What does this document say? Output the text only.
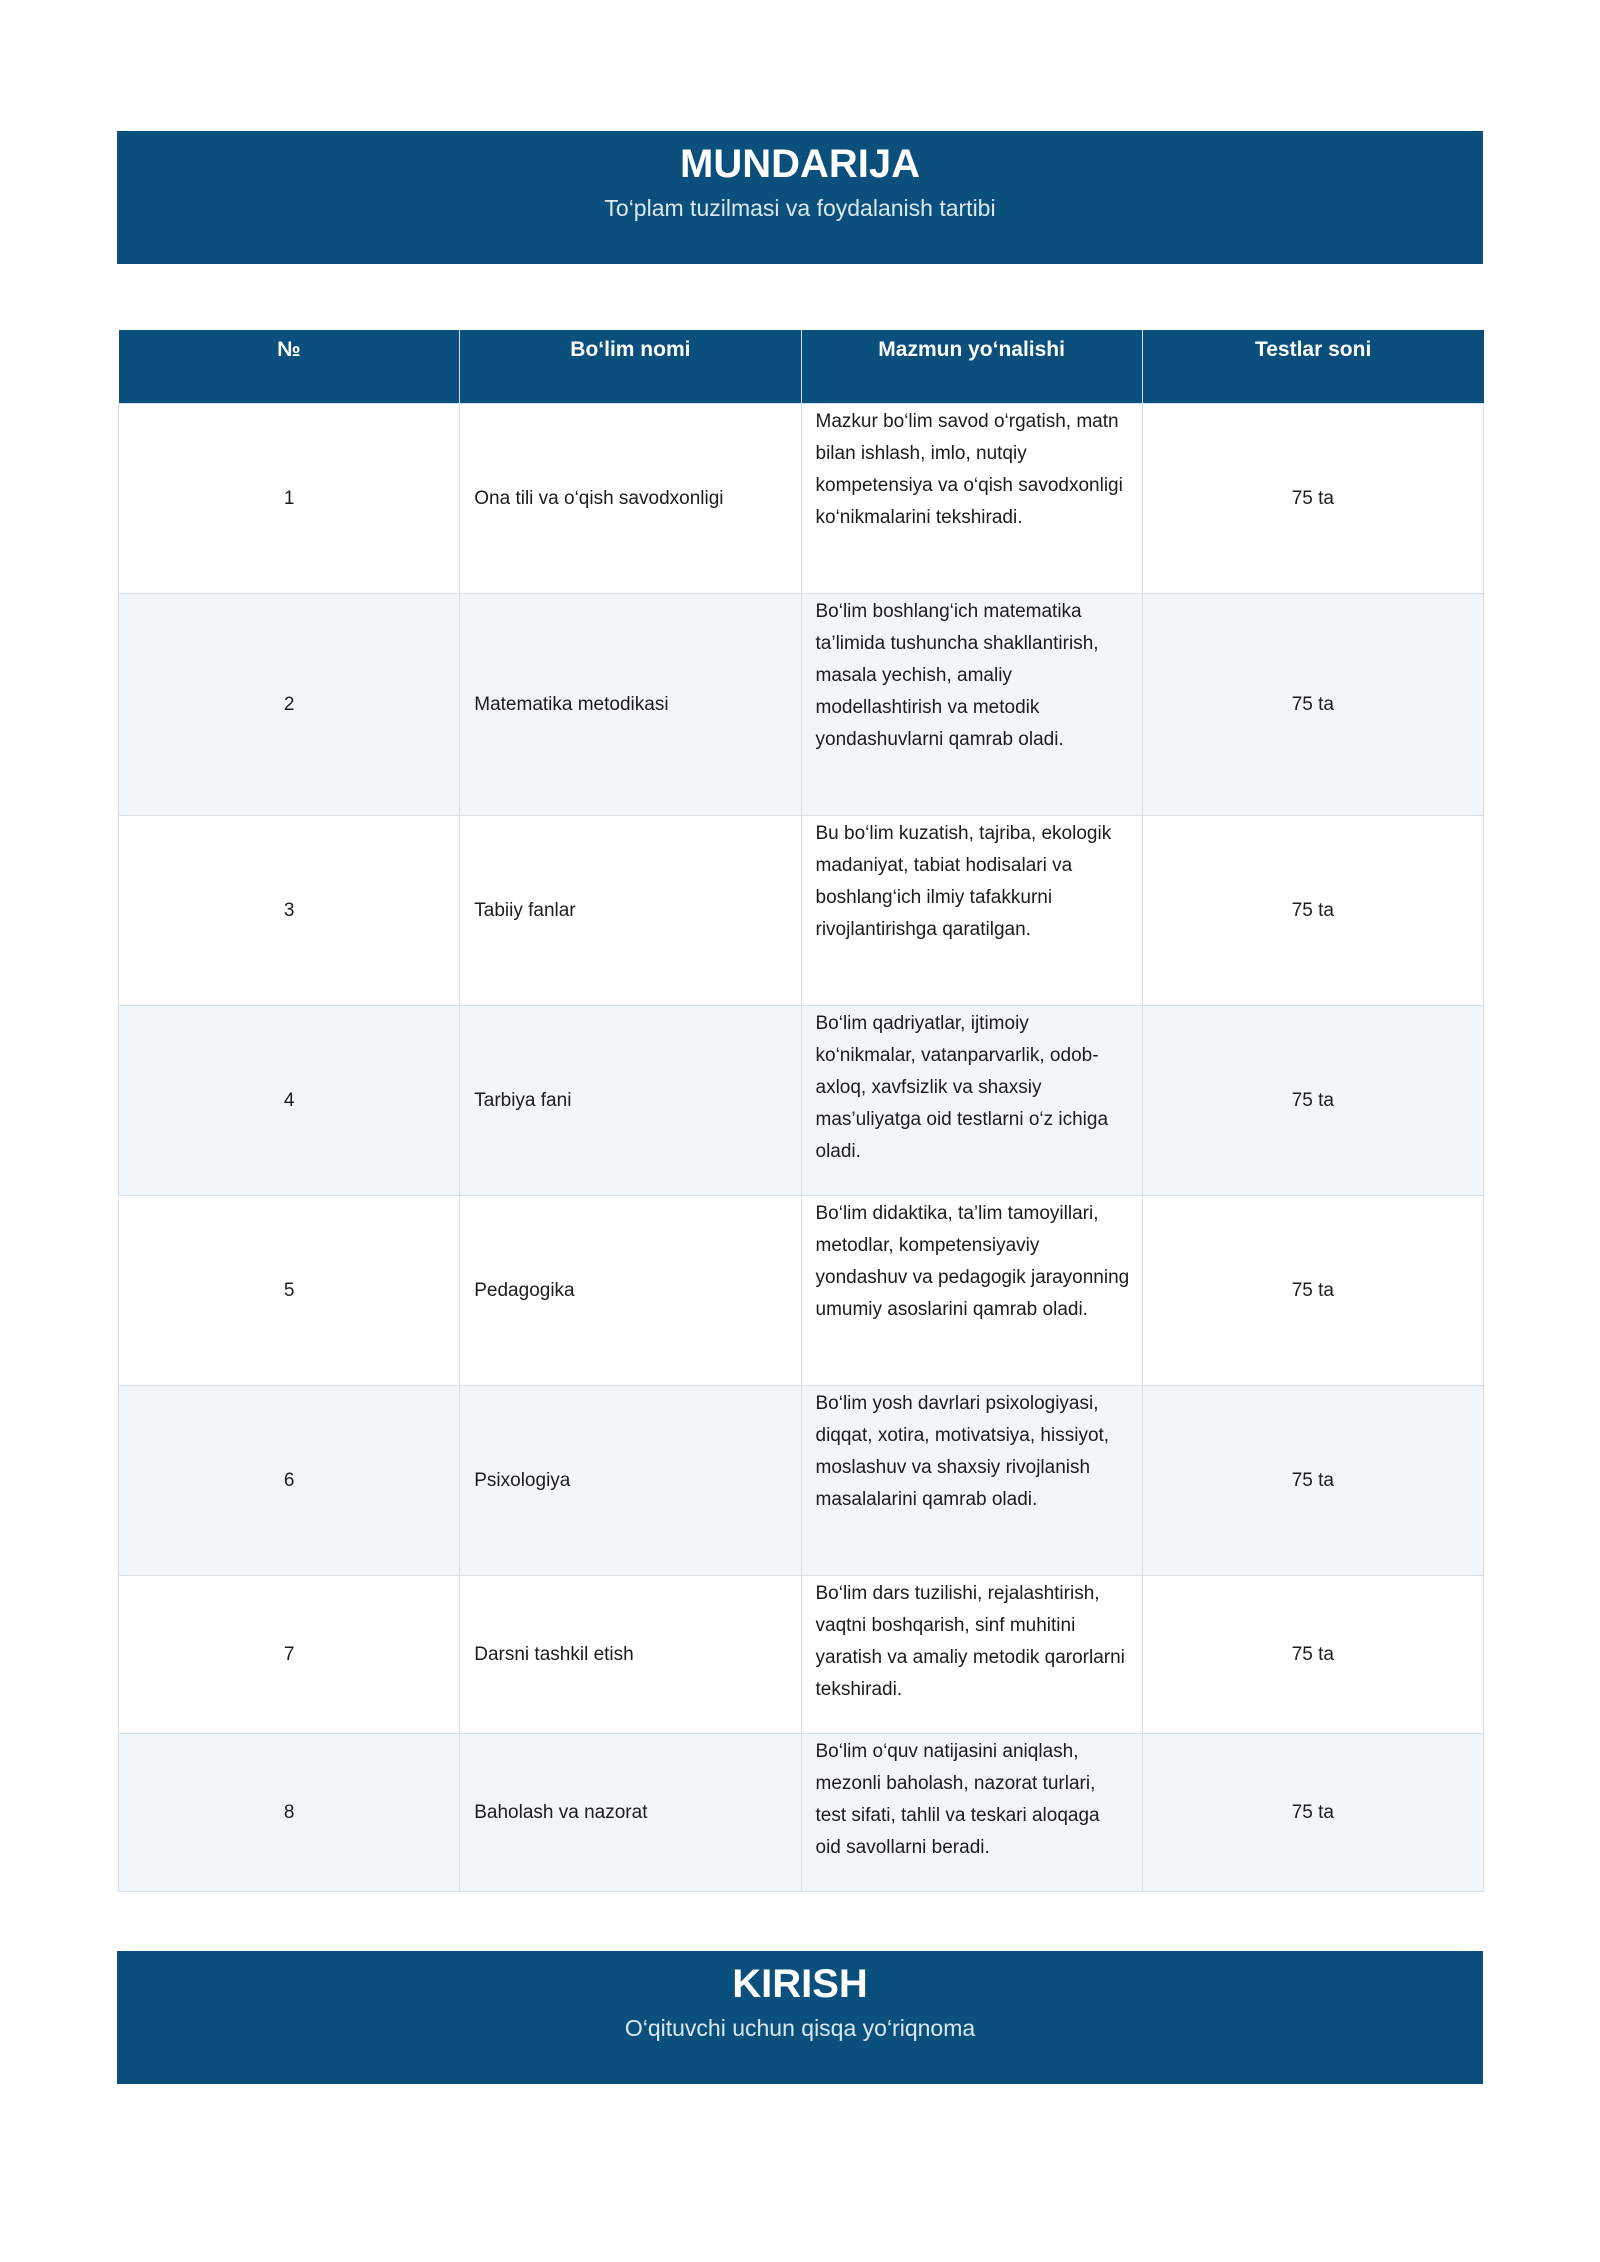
MUNDARIJA
To‘plam tuzilmasi va foydalanish tartibi
№	Bo‘lim nomi	Mazmun yo‘nalishi	Testlar soni
1	Ona tili va o‘qish savodxonligi	Mazkur bo‘lim savod o‘rgatish, matn bilan ishlash, imlo, nutqiy kompetensiya va o‘qish savodxonligi ko‘nikmalarini tekshiradi.	75 ta
2	Matematika metodikasi	Bo‘lim boshlang‘ich matematika ta’limida tushuncha shakllantirish, masala yechish, amaliy modellashtirish va metodik yondashuvlarni qamrab oladi.	75 ta
3	Tabiiy fanlar	Bu bo‘lim kuzatish, tajriba, ekologik madaniyat, tabiat hodisalari va boshlang‘ich ilmiy tafakkurni rivojlantirishga qaratilgan.	75 ta
4	Tarbiya fani	Bo‘lim qadriyatlar, ijtimoiy ko‘nikmalar, vatanparvarlik, odob-axloq, xavfsizlik va shaxsiy mas’uliyatga oid testlarni o‘z ichiga oladi.	75 ta
5	Pedagogika	Bo‘lim didaktika, ta’lim tamoyillari, metodlar, kompetensiyaviy yondashuv va pedagogik jarayonning umumiy asoslarini qamrab oladi.	75 ta
6	Psixologiya	Bo‘lim yosh davrlari psixologiyasi, diqqat, xotira, motivatsiya, hissiyot, moslashuv va shaxsiy rivojlanish masalalarini qamrab oladi.	75 ta
7	Darsni tashkil etish	Bo‘lim dars tuzilishi, rejalashtirish, vaqtni boshqarish, sinf muhitini yaratish va amaliy metodik qarorlarni tekshiradi.	75 ta
8	Baholash va nazorat	Bo‘lim o‘quv natijasini aniqlash, mezonli baholash, nazorat turlari, test sifati, tahlil va teskari aloqaga oid savollarni beradi.	75 ta
KIRISH
O‘qituvchi uchun qisqa yo‘riqnoma
